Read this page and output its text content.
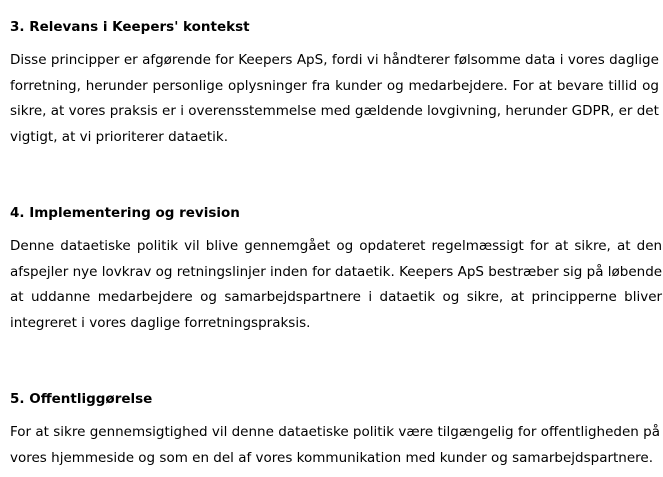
3. Relevans i Keepers' kontekst

Disse principper er afgørende for Keepers ApS, fordi vi håndterer følsomme data i vores daglige
forretning, herunder personlige oplysninger fra kunder og medarbejdere. For at bevare tillid og
sikre, at vores praksis er i overensstemmelse med gældende lovgivning, herunder GDPR, er det
vigtigt, at vi prioriterer dataetik.

4. Implementering og revision

Denne dataetiske politik vil blive gennemgået og opdateret regelmæssigt for at sikre, at den
afspejler nye lovkrav og retningslinjer inden for dataetik. Keepers ApS bestræber sig på løbende
at uddanne medarbejdere og samarbejdspartnere i dataetik og sikre, at principperne bliver
integreret i vores daglige forretningspraksis.

5. Offentliggørelse

For at sikre gennemsigtighed vil denne dataetiske politik være tilgængelig for offentligheden på
vores hjemmeside og som en del af vores kommunikation med kunder og samarbejdspartnere.
